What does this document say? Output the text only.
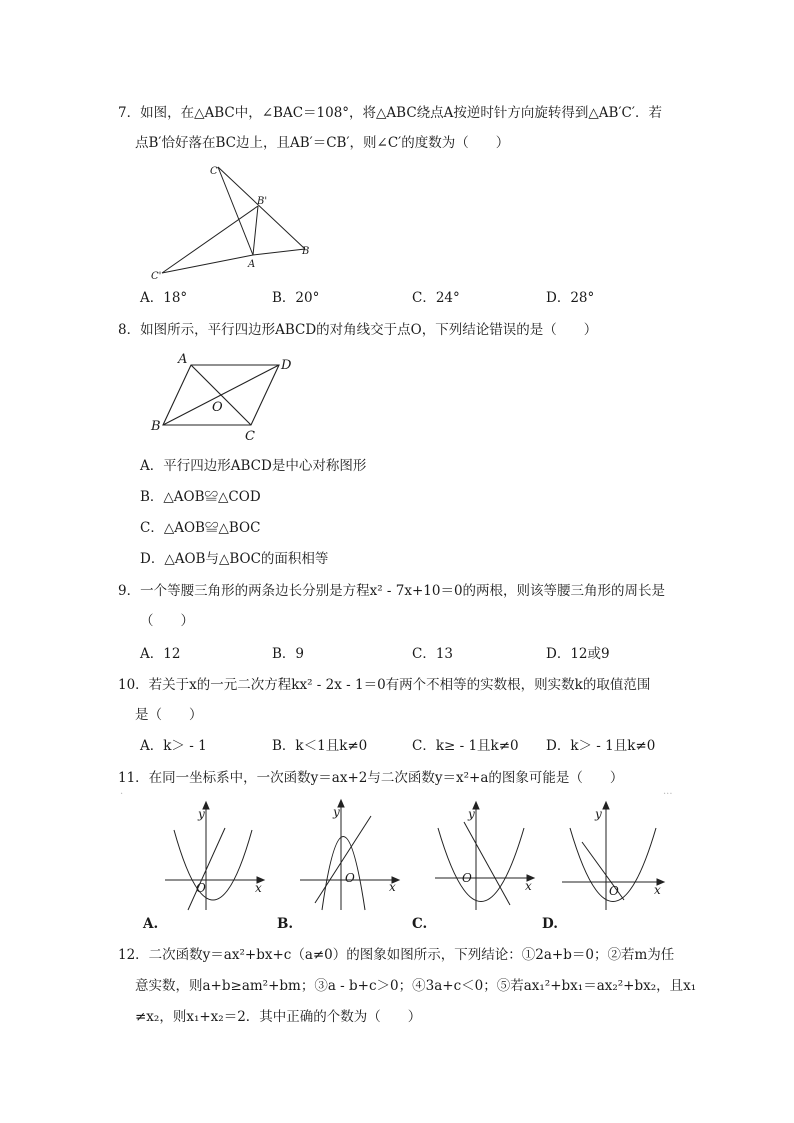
7．如图，在△ABC中，∠BAC＝108°，将△ABC绕点A按逆时针方向旋转得到△AB′C′．若
点B′恰好落在BC边上，且AB′＝CB′，则∠C′的度数为（　　）
C
B'
B
A
C'
A．18°	B．20°	C．24°	D．28°
8．如图所示，平行四边形ABCD的对角线交于点O，下列结论错误的是（　　）
A	D
O
B
C
A．平行四边形ABCD是中心对称图形
B．△AOB≌△COD
C．△AOB≌△BOC
D．△AOB与△BOC的面积相等
9．一个等腰三角形的两条边长分别是方程x² - 7x+10＝0的两根，则该等腰三角形的周长是
（　　）
A．12	B．9	C．13	D．12或9
10．若关于x的一元二次方程kx² - 2x - 1＝0有两个不相等的实数根，则实数k的取值范围
是（　　）
A．k＞ - 1	B．k＜1且k≠0	C．k≥ - 1且k≠0 D．k＞ - 1且k≠0
11．在同一坐标系中，一次函数y＝ax+2与二次函数y＝x²+a的图象可能是（　　）
·	···
y
x
O
A.
y
x
O
B.
y
x
O
C.
y
x
O
D.
12．二次函数y＝ax²+bx+c（a≠0）的图象如图所示，下列结论：①2a+b＝0；②若m为任
意实数，则a+b≥am²+bm；③a - b+c＞0；④3a+c＜0；⑤若ax₁²+bx₁＝ax₂²+bx₂，且x₁
≠x₂，则x₁+x₂＝2．其中正确的个数为（　　）
